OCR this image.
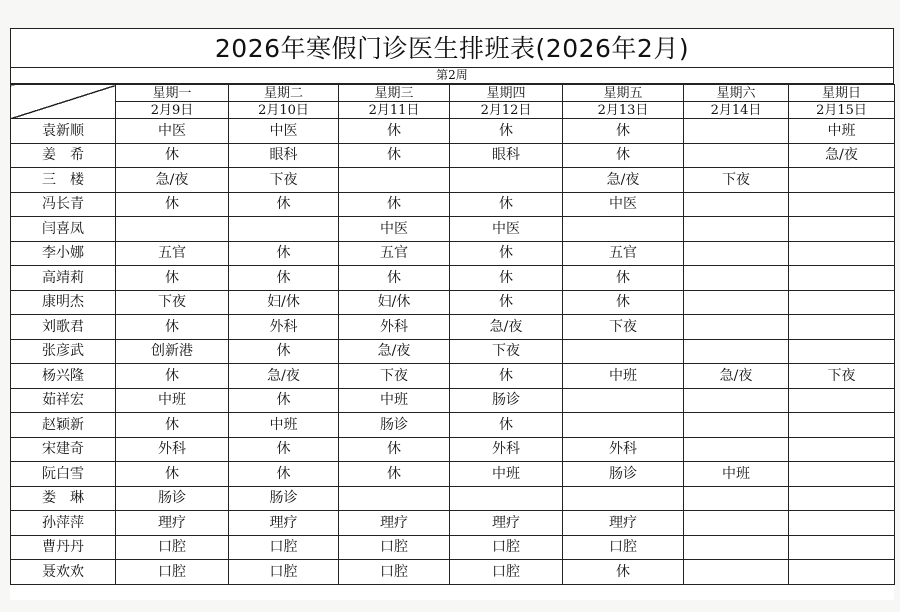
2026年寒假门诊医生排班表(2026年2月)
第2周
	星期一	星期二	星期三	星期四	星期五	星期六	星期日
	2月9日	2月10日	2月11日	2月12日	2月13日	2月14日	2月15日
袁新顺	中医	中医	休	休	休		中班
姜　希	休	眼科	休	眼科	休		急/夜
三　楼	急/夜	下夜			急/夜	下夜	
冯长青	休	休	休	休	中医		
闫喜凤			中医	中医			
李小娜	五官	休	五官	休	五官		
高靖莉	休	休	休	休	休		
康明杰	下夜	妇/休	妇/休	休	休		
刘歌君	休	外科	外科	急/夜	下夜		
张彦武	创新港	休	急/夜	下夜			
杨兴隆	休	急/夜	下夜	休	中班	急/夜	下夜
茹祥宏	中班	休	中班	肠诊			
赵颖新	休	中班	肠诊	休			
宋建奇	外科	休	休	外科	外科		
阮白雪	休	休	休	中班	肠诊	中班	
娄　琳	肠诊	肠诊					
孙萍萍	理疗	理疗	理疗	理疗	理疗		
曹丹丹	口腔	口腔	口腔	口腔	口腔		
聂欢欢	口腔	口腔	口腔	口腔	休		
